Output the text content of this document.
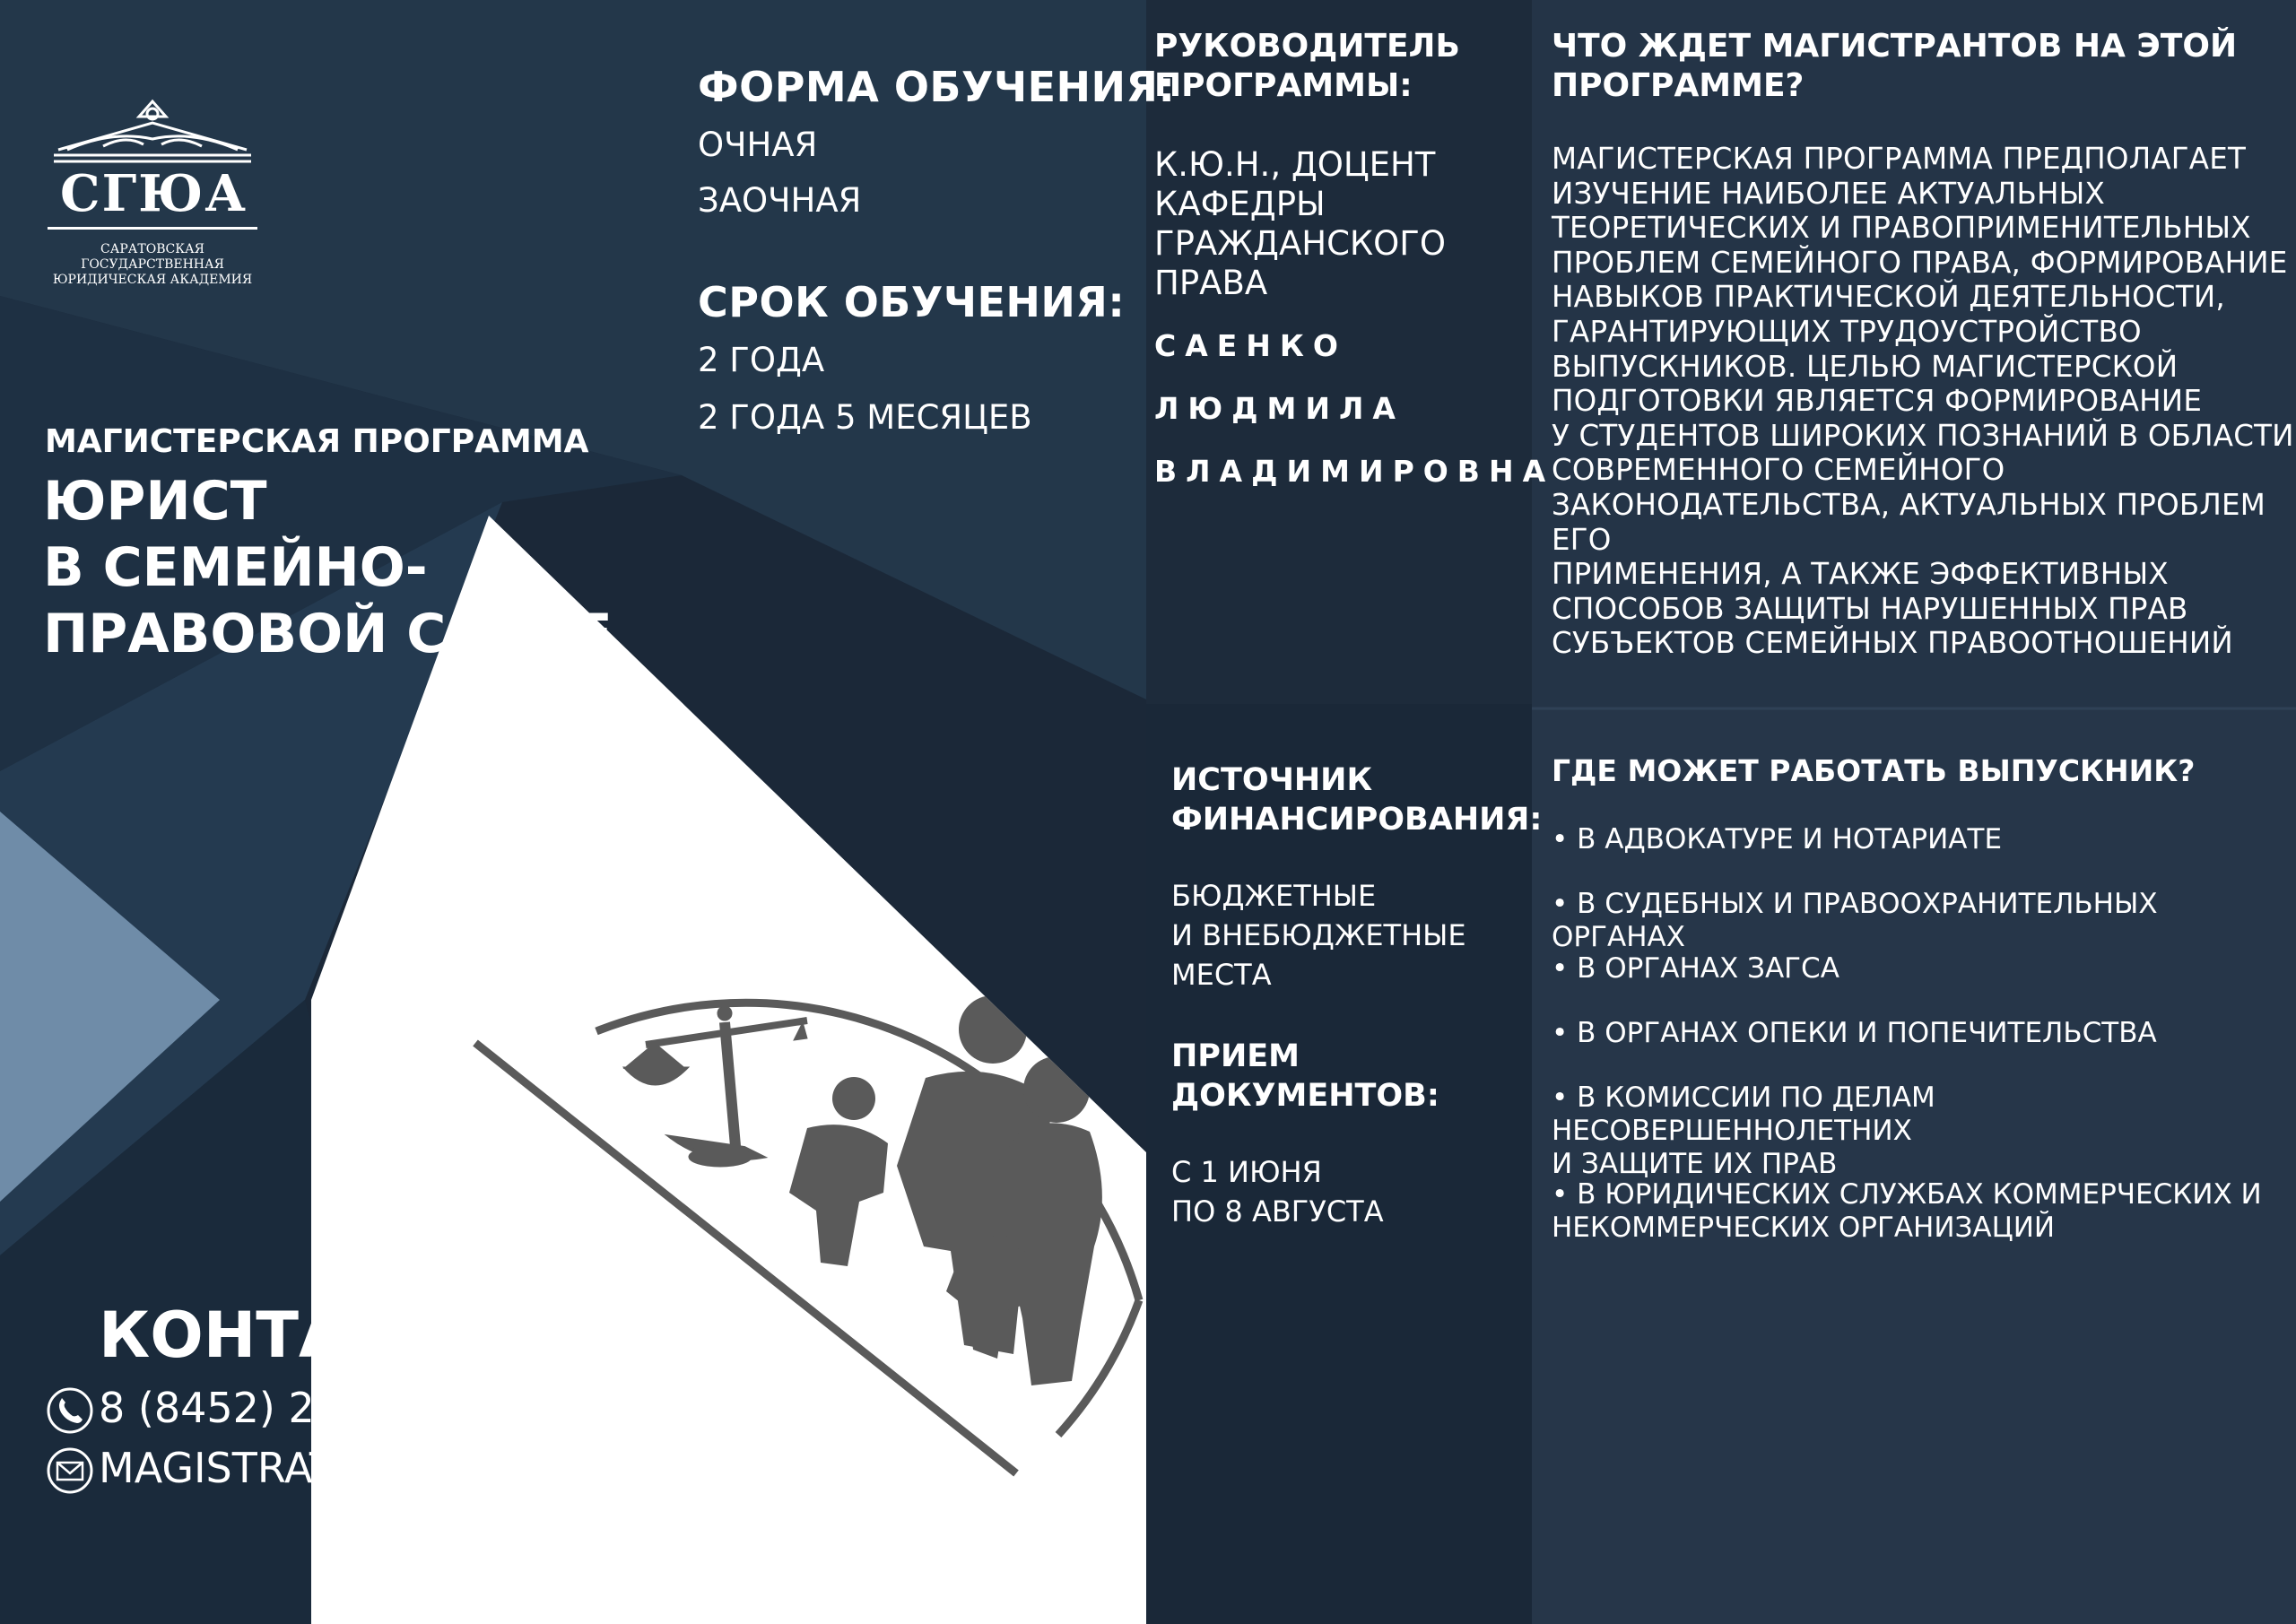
СГЮА
САРАТОВСКАЯ ГОСУДАРСТВЕННАЯ
ЮРИДИЧЕСКАЯ АКАДЕМИЯ
МАГИСТЕРСКАЯ ПРОГРАММА
ЮРИСТ
В СЕМЕЙНО-
ПРАВОВОЙ СФЕРЕ
ФОРМА ОБУЧЕНИЯ:
ОЧНАЯ
ЗАОЧНАЯ
СРОК ОБУЧЕНИЯ:
2 ГОДА
2 ГОДА 5 МЕСЯЦЕВ
РУКОВОДИТЕЛЬ
ПРОГРАММЫ:
К.Ю.Н., ДОЦЕНТ
КАФЕДРЫ
ГРАЖДАНСКОГО
ПРАВА
САЕНКО
ЛЮДМИЛА
ВЛАДИМИРОВНА
ЧТО ЖДЕТ МАГИСТРАНТОВ НА ЭТОЙ
ПРОГРАММЕ?
МАГИСТЕРСКАЯ ПРОГРАММА ПРЕДПОЛАГАЕТ
ИЗУЧЕНИЕ НАИБОЛЕЕ АКТУАЛЬНЫХ
ТЕОРЕТИЧЕСКИХ И ПРАВОПРИМЕНИТЕЛЬНЫХ
ПРОБЛЕМ СЕМЕЙНОГО ПРАВА, ФОРМИРОВАНИЕ
НАВЫКОВ ПРАКТИЧЕСКОЙ ДЕЯТЕЛЬНОСТИ,
ГАРАНТИРУЮЩИХ ТРУДОУСТРОЙСТВО
ВЫПУСКНИКОВ. ЦЕЛЬЮ МАГИСТЕРСКОЙ
ПОДГОТОВКИ ЯВЛЯЕТСЯ ФОРМИРОВАНИЕ
У СТУДЕНТОВ ШИРОКИХ ПОЗНАНИЙ В ОБЛАСТИ
СОВРЕМЕННОГО СЕМЕЙНОГО
ЗАКОНОДАТЕЛЬСТВА, АКТУАЛЬНЫХ ПРОБЛЕМ ЕГО
ПРИМЕНЕНИЯ, А ТАКЖЕ ЭФФЕКТИВНЫХ
СПОСОБОВ ЗАЩИТЫ НАРУШЕННЫХ ПРАВ
СУБЪЕКТОВ СЕМЕЙНЫХ ПРАВООТНОШЕНИЙ
ИСТОЧНИК
ФИНАНСИРОВАНИЯ:
БЮДЖЕТНЫЕ
И ВНЕБЮДЖЕТНЫЕ
МЕСТА
ПРИЕМ
ДОКУМЕНТОВ:
С 1 ИЮНЯ
ПО 8 АВГУСТА
ГДЕ МОЖЕТ РАБОТАТЬ ВЫПУСКНИК?
• В АДВОКАТУРЕ И НОТАРИАТЕ
• В СУДЕБНЫХ И ПРАВООХРАНИТЕЛЬНЫХ ОРГАНАХ
• В ОРГАНАХ ЗАГСА
• В ОРГАНАХ ОПЕКИ И ПОПЕЧИТЕЛЬСТВА
• В КОМИССИИ ПО ДЕЛАМ НЕСОВЕРШЕННОЛЕТНИХ
И ЗАЩИТЕ ИХ ПРАВ
• В ЮРИДИЧЕСКИХ СЛУЖБАХ КОММЕРЧЕСКИХ И
НЕКОММЕРЧЕСКИХ ОРГАНИЗАЦИЙ
КОНТАКТЫ
8 (8452) 29-92-29
MAGISTRATURA-SSLA@MAIL.RU
